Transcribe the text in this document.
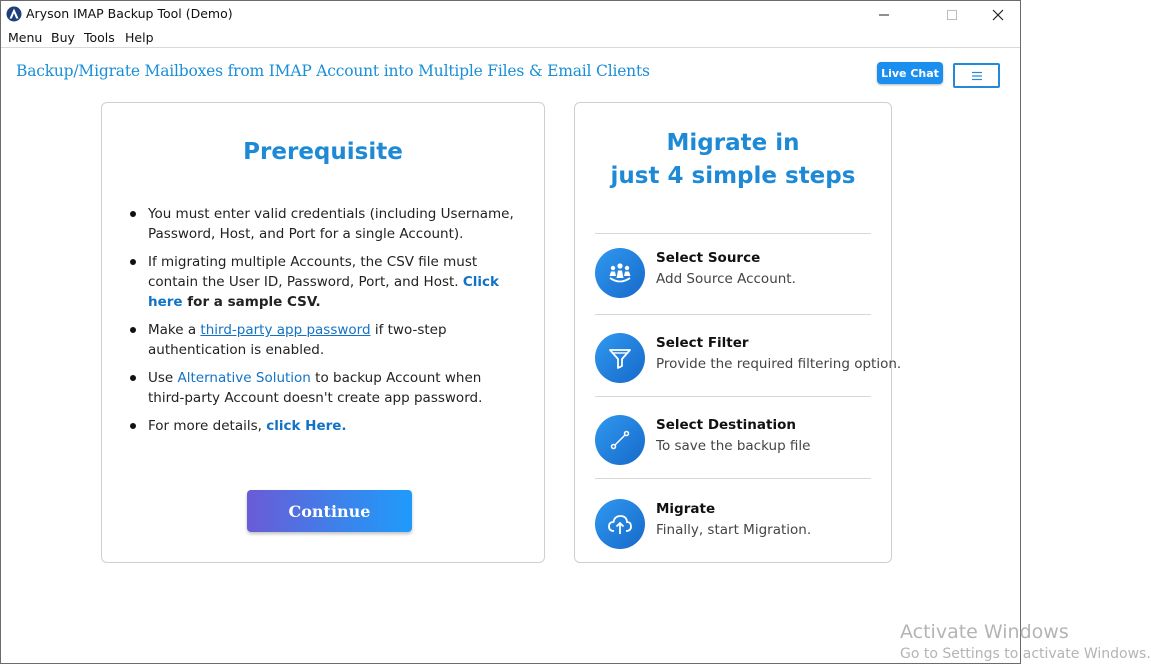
Aryson IMAP Backup Tool (Demo)
Menu Buy Tools Help
Backup/Migrate Mailboxes from IMAP Account into Multiple Files & Email Clients	Live Chat
Prerequisite
You must enter valid credentials (including Username, Password, Host, and Port for a single Account).
If migrating multiple Accounts, the CSV file must contain the User ID, Password, Port, and Host. Click here for a sample CSV.
Make a third-party app password if two-step authentication is enabled.
Use Alternative Solution to backup Account when third-party Account doesn't create app password.
For more details, click Here.
Continue
Migrate in
just 4 simple steps
Select Source
Add Source Account.
Select Filter
Provide the required filtering option.
Select Destination
To save the backup file
Migrate
Finally, start Migration.
Activate Windows
Go to Settings to activate Windows.
